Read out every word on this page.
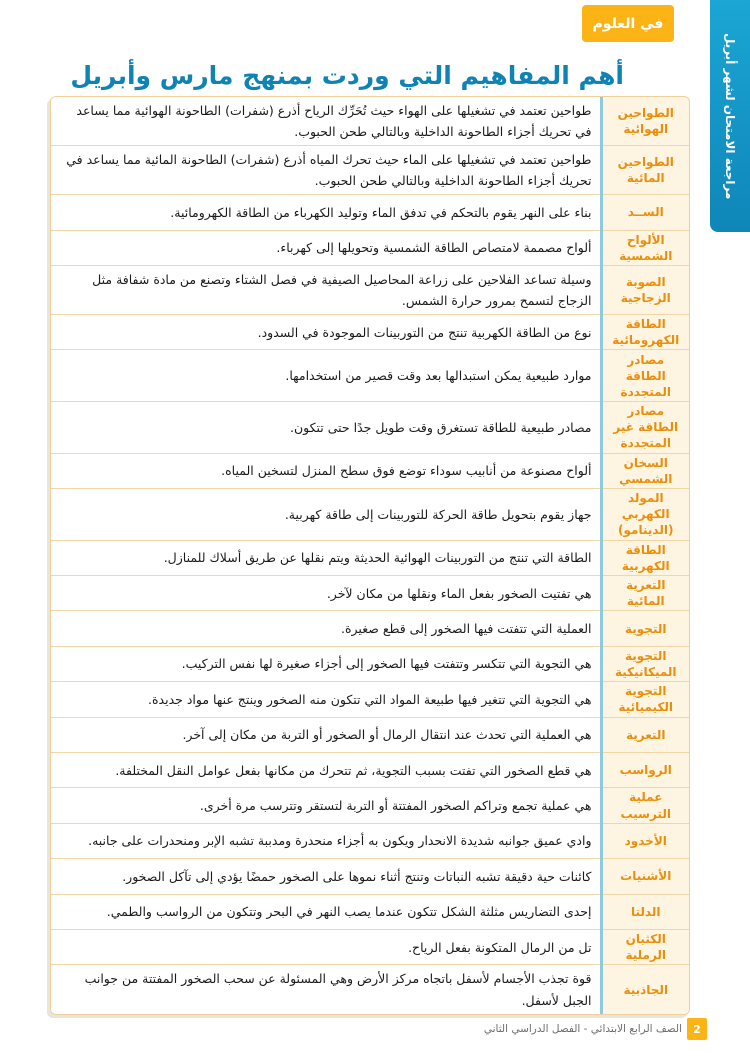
مراجعة الامتحان لشهر أبريل
في العلوم
أهم المفاهيم التي وردت بمنهج مارس وأبريل
الطواحين الهوائية	طواحين تعتمد في تشغيلها على الهواء حيث تُحَرِّك الرياح أذرع (شفرات) الطاحونة الهوائية مما يساعد في تحريك أجزاء الطاحونة الداخلية وبالتالي طحن الحبوب.
الطواحين المائية	طواحين تعتمد في تشغيلها على الماء حيث تحرك المياه أذرع (شفرات) الطاحونة المائية مما يساعد في تحريك أجزاء الطاحونة الداخلية وبالتالي طحن الحبوب.
الســد	بناء على النهر يقوم بالتحكم في تدفق الماء وتوليد الكهرباء من الطاقة الكهرومائية.
الألواح الشمسية	ألواح مصممة لامتصاص الطاقة الشمسية وتحويلها إلى كهرباء.
الصوبة الزجاجية	وسيلة تساعد الفلاحين على زراعة المحاصيل الصيفية في فصل الشتاء وتصنع من مادة شفافة مثل الزجاج لتسمح بمرور حرارة الشمس.
الطاقة الكهرومائية	نوع من الطاقة الكهربية تنتج من التوربينات الموجودة في السدود.
مصادر الطاقة المتجددة	موارد طبيعية يمكن استبدالها بعد وقت قصير من استخدامها.
مصادر الطاقة غير المتجددة	مصادر طبيعية للطاقة تستغرق وقت طويل جدًا حتى تتكون.
السخان الشمسي	ألواح مصنوعة من أنابيب سوداء توضع فوق سطح المنزل لتسخين المياه.
المولد الكهربي (الدينامو)	جهاز يقوم بتحويل طاقة الحركة للتوربينات إلى طاقة كهربية.
الطاقة الكهربية	الطاقة التي تنتج من التوربينات الهوائية الحديثة ويتم نقلها عن طريق أسلاك للمنازل.
التعرية المائية	هي تفتيت الصخور بفعل الماء ونقلها من مكان لآخر.
التجوية	العملية التي تتفتت فيها الصخور إلى قطع صغيرة.
التجوية الميكانيكية	هي التجوية التي تتكسر وتتفتت فيها الصخور إلى أجزاء صغيرة لها نفس التركيب.
التجوية الكيميائية	هي التجوية التي تتغير فيها طبيعة المواد التي تتكون منه الصخور وينتج عنها مواد جديدة.
التعرية	هي العملية التي تحدث عند انتقال الرمال أو الصخور أو التربة من مكان إلى آخر.
الرواسب	هي قطع الصخور التي تفتت بسبب التجوية، ثم تتحرك من مكانها بفعل عوامل النقل المختلفة.
عملية الترسيب	هي عملية تجمع وتراكم الصخور المفتتة أو التربة لتستقر وتترسب مرة أخرى.
الأخدود	وادي عميق جوانبه شديدة الانحدار ويكون به أجزاء منحدرة ومدببة تشبه الإبر ومنحدرات على جانبه.
الأشنيات	كائنات حية دقيقة تشبه النباتات وتنتج أثناء نموها على الصخور حمضًا يؤدي إلى تآكل الصخور.
الدلتا	إحدى التضاريس مثلثة الشكل تتكون عندما يصب النهر في البحر وتتكون من الرواسب والطمي.
الكثبان الرملية	تل من الرمال المتكونة بفعل الرياح.
الجاذبية	قوة تجذب الأجسام لأسفل باتجاه مركز الأرض وهي المسئولة عن سحب الصخور المفتتة من جوانب الجبل لأسفل.
2
الصف الرابع الابتدائي - الفصل الدراسي الثاني
